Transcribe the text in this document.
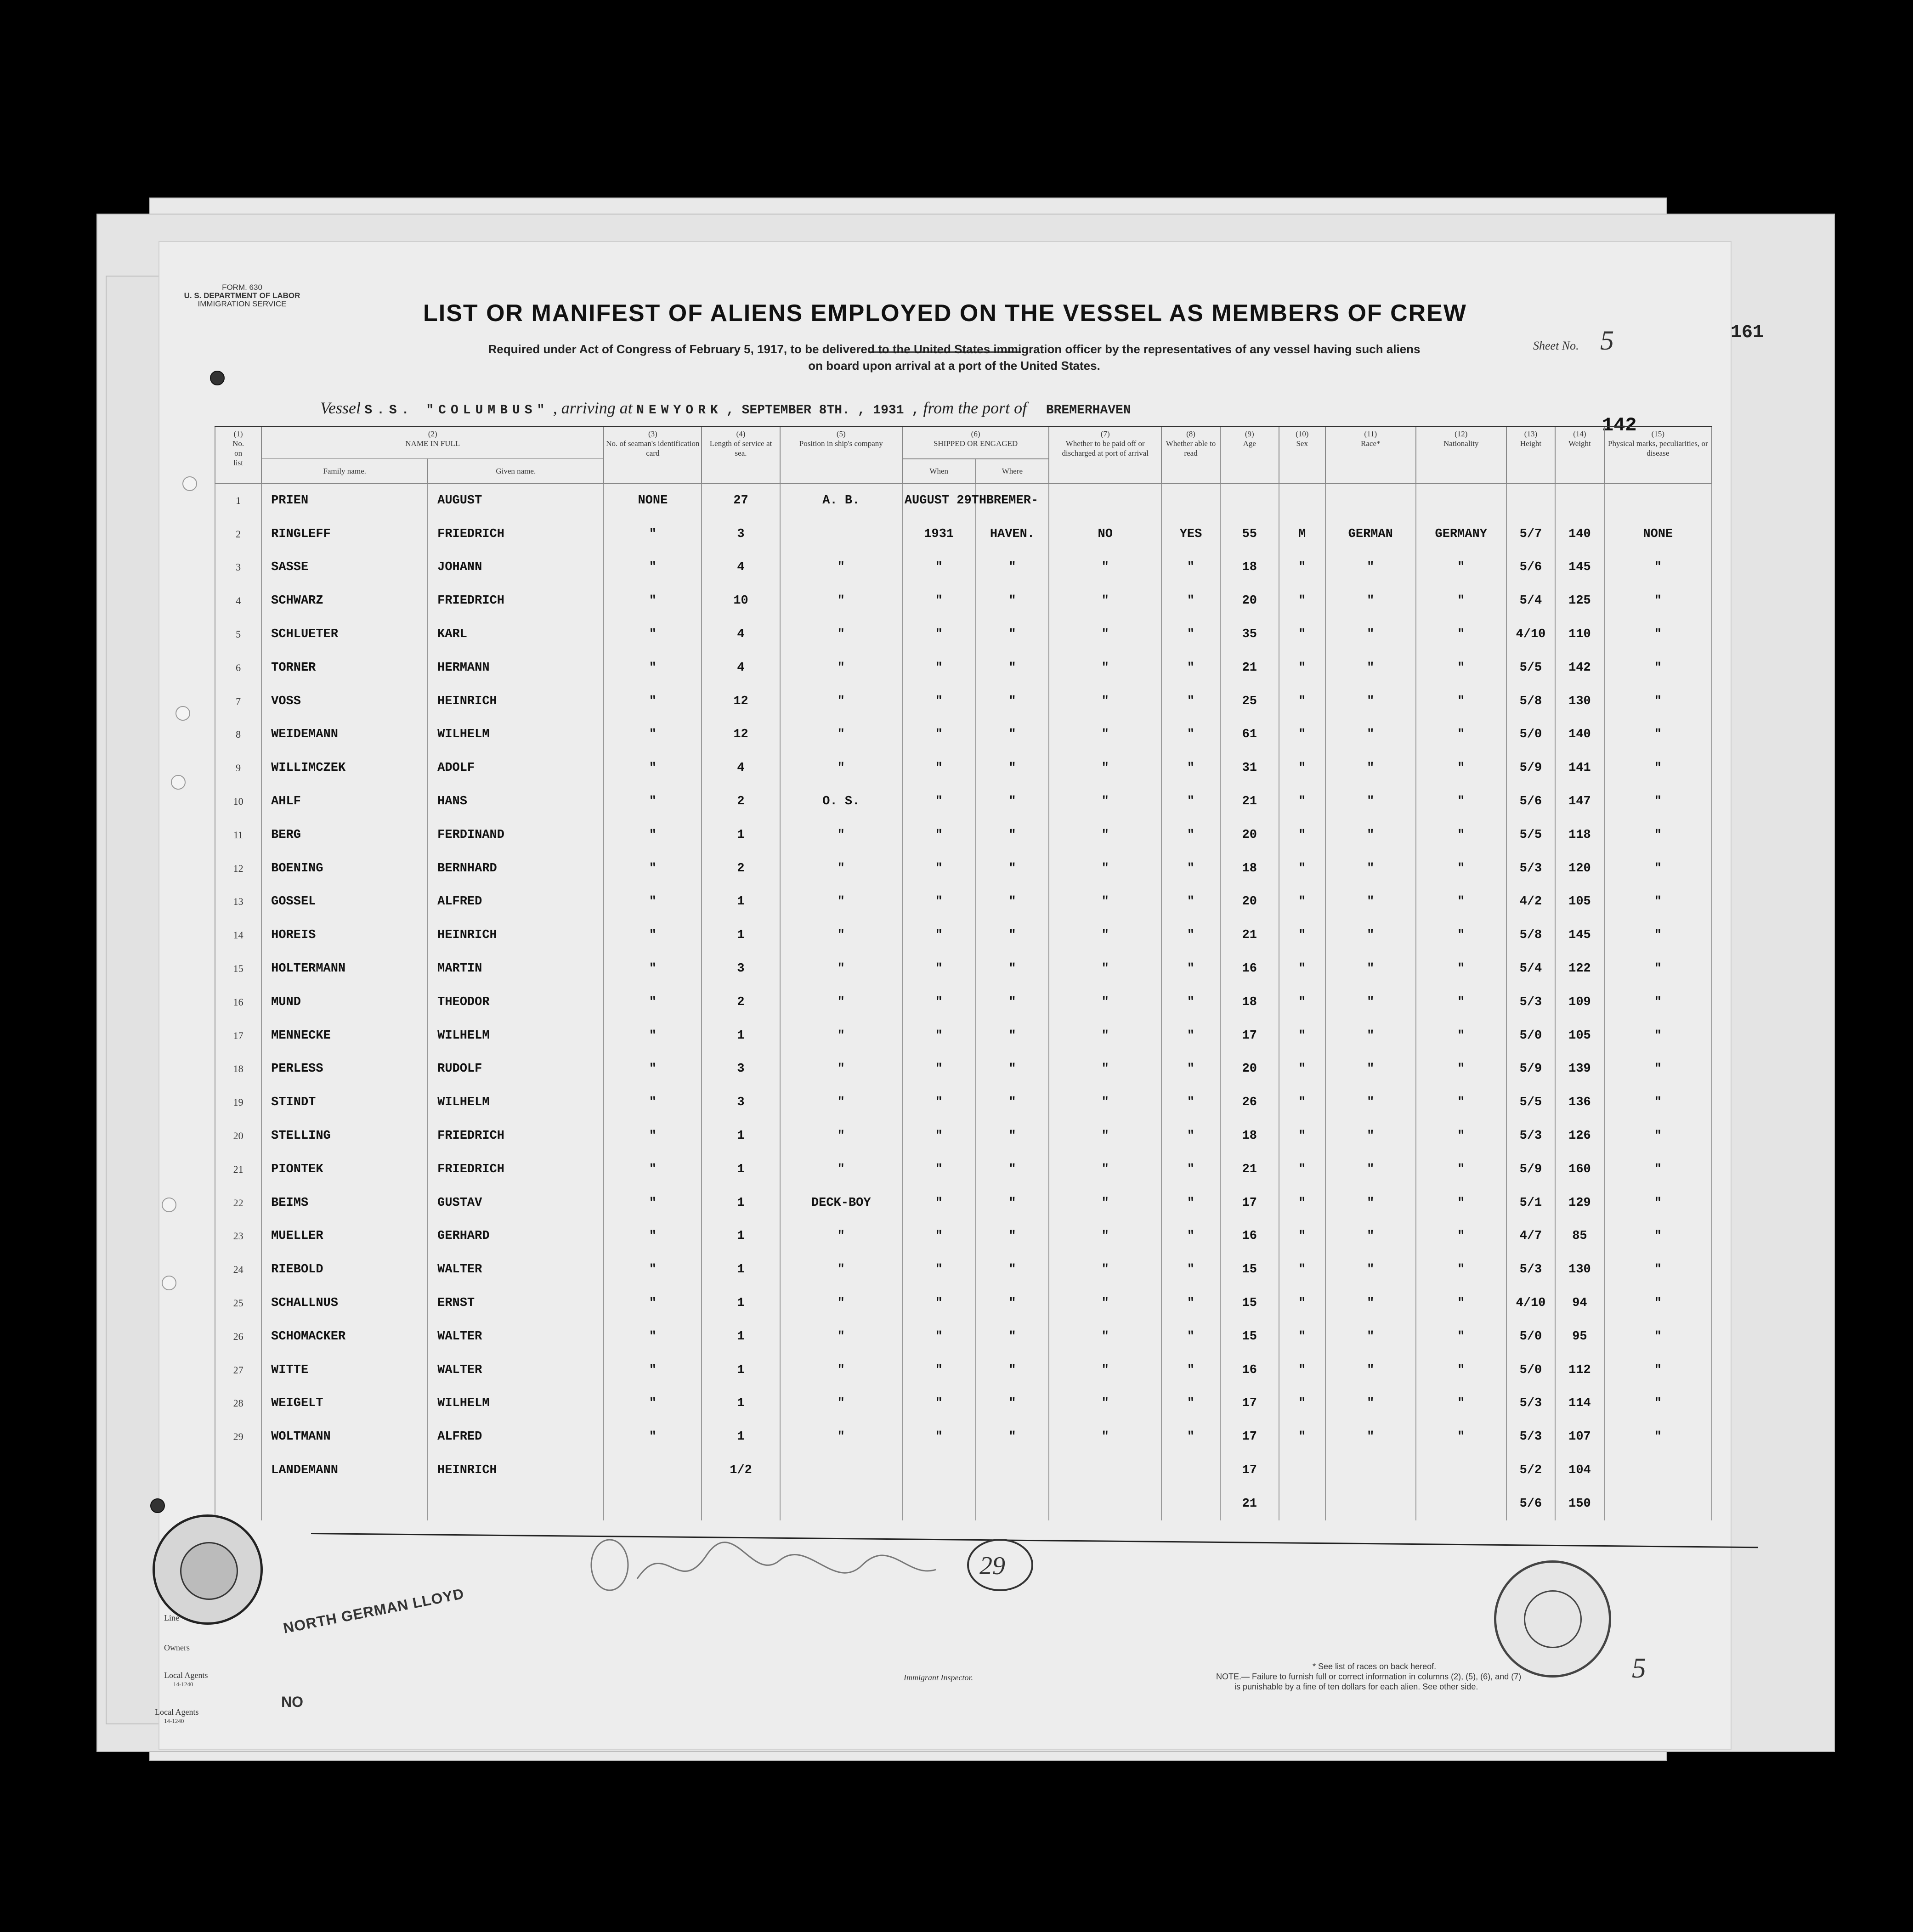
FORM. 630
U. S. DEPARTMENT OF LABOR
IMMIGRATION SERVICE	LIST OR MANIFEST OF ALIENS EMPLOYED ON THE VESSEL AS MEMBERS OF CREW
Sheet No. 5	161
Required under Act of Congress of February 5, 1917, to be delivered to the United States immigration officer by the representatives of any vessel having such aliens
on board upon arrival at a port of the United States.
Vessel S.S. "COLUMBUS" , arriving at NEWYORK , SEPTEMBER 8TH. , 1931 , from the port of BREMERHAVEN
142
(1)
No.
on
list	(2)
NAME IN FULL		(3)
No. of seaman's identification card	(4)
Length of service at sea.	(5)
Position in ship's company	(6)
SHIPPED OR ENGAGED		(7)
Whether to be paid off or discharged at port of arrival	(8)
Whether able to read	(9)
Age	(10)
Sex	(11)
Race*	(12)
Nationality	(13)
Height	(14)
Weight	(15)
Physical marks, peculiarities, or disease
	Family name.	Given name.				When	Where									
1	PRIEN	AUGUST	NONE	27	A. B.	AUGUST 29TH.	BREMER-									
2	RINGLEFF	FRIEDRICH	"	3		1931	HAVEN.	NO	YES	55	M	GERMAN	GERMANY	5/7	140	NONE
3	SASSE	JOHANN	"	4	"	"	"	"	"	18	"	"	"	5/6	145	"
4	SCHWARZ	FRIEDRICH	"	10	"	"	"	"	"	20	"	"	"	5/4	125	"
5	SCHLUETER	KARL	"	4	"	"	"	"	"	35	"	"	"	4/10	110	"
6	TORNER	HERMANN	"	4	"	"	"	"	"	21	"	"	"	5/5	142	"
7	VOSS	HEINRICH	"	12	"	"	"	"	"	25	"	"	"	5/8	130	"
8	WEIDEMANN	WILHELM	"	12	"	"	"	"	"	61	"	"	"	5/0	140	"
9	WILLIMCZEK	ADOLF	"	4	"	"	"	"	"	31	"	"	"	5/9	141	"
10	AHLF	HANS	"	2	O. S.	"	"	"	"	21	"	"	"	5/6	147	"
11	BERG	FERDINAND	"	1	"	"	"	"	"	20	"	"	"	5/5	118	"
12	BOENING	BERNHARD	"	2	"	"	"	"	"	18	"	"	"	5/3	120	"
13	GOSSEL	ALFRED	"	1	"	"	"	"	"	20	"	"	"	4/2	105	"
14	HOREIS	HEINRICH	"	1	"	"	"	"	"	21	"	"	"	5/8	145	"
15	HOLTERMANN	MARTIN	"	3	"	"	"	"	"	16	"	"	"	5/4	122	"
16	MUND	THEODOR	"	2	"	"	"	"	"	18	"	"	"	5/3	109	"
17	MENNECKE	WILHELM	"	1	"	"	"	"	"	17	"	"	"	5/0	105	"
18	PERLESS	RUDOLF	"	3	"	"	"	"	"	20	"	"	"	5/9	139	"
19	STINDT	WILHELM	"	3	"	"	"	"	"	26	"	"	"	5/5	136	"
20	STELLING	FRIEDRICH	"	1	"	"	"	"	"	18	"	"	"	5/3	126	"
21	PIONTEK	FRIEDRICH	"	1	"	"	"	"	"	21	"	"	"	5/9	160	"
22	BEIMS	GUSTAV	"	1	DECK-BOY	"	"	"	"	17	"	"	"	5/1	129	"
23	MUELLER	GERHARD	"	1	"	"	"	"	"	16	"	"	"	4/7	85	"
24	RIEBOLD	WALTER	"	1	"	"	"	"	"	15	"	"	"	5/3	130	"
25	SCHALLNUS	ERNST	"	1	"	"	"	"	"	15	"	"	"	4/10	94	"
26	SCHOMACKER	WALTER	"	1	"	"	"	"	"	15	"	"	"	5/0	95	"
27	WITTE	WALTER	"	1	"	"	"	"	"	16	"	"	"	5/0	112	"
28	WEIGELT	WILHELM	"	1	"	"	"	"	"	17	"	"	"	5/3	114	"
29	WOLTMANN	ALFRED	"	1	"	"	"	"	"	17	"	"	"	5/3	107	"
	LANDEMANN	HEINRICH		1/2						17				5/2	104	
										21				5/6	150	
Line
Owners
Local Agents
14-1240
Local Agents
14-1240
NORTH GERMAN LLOYD
NO
29
Immigrant Inspector.
* See list of races on back hereof.
NOTE.— Failure to furnish full or correct information in columns (2), (5), (6), and (7)
is punishable by a fine of ten dollars for each alien. See other side.
5
